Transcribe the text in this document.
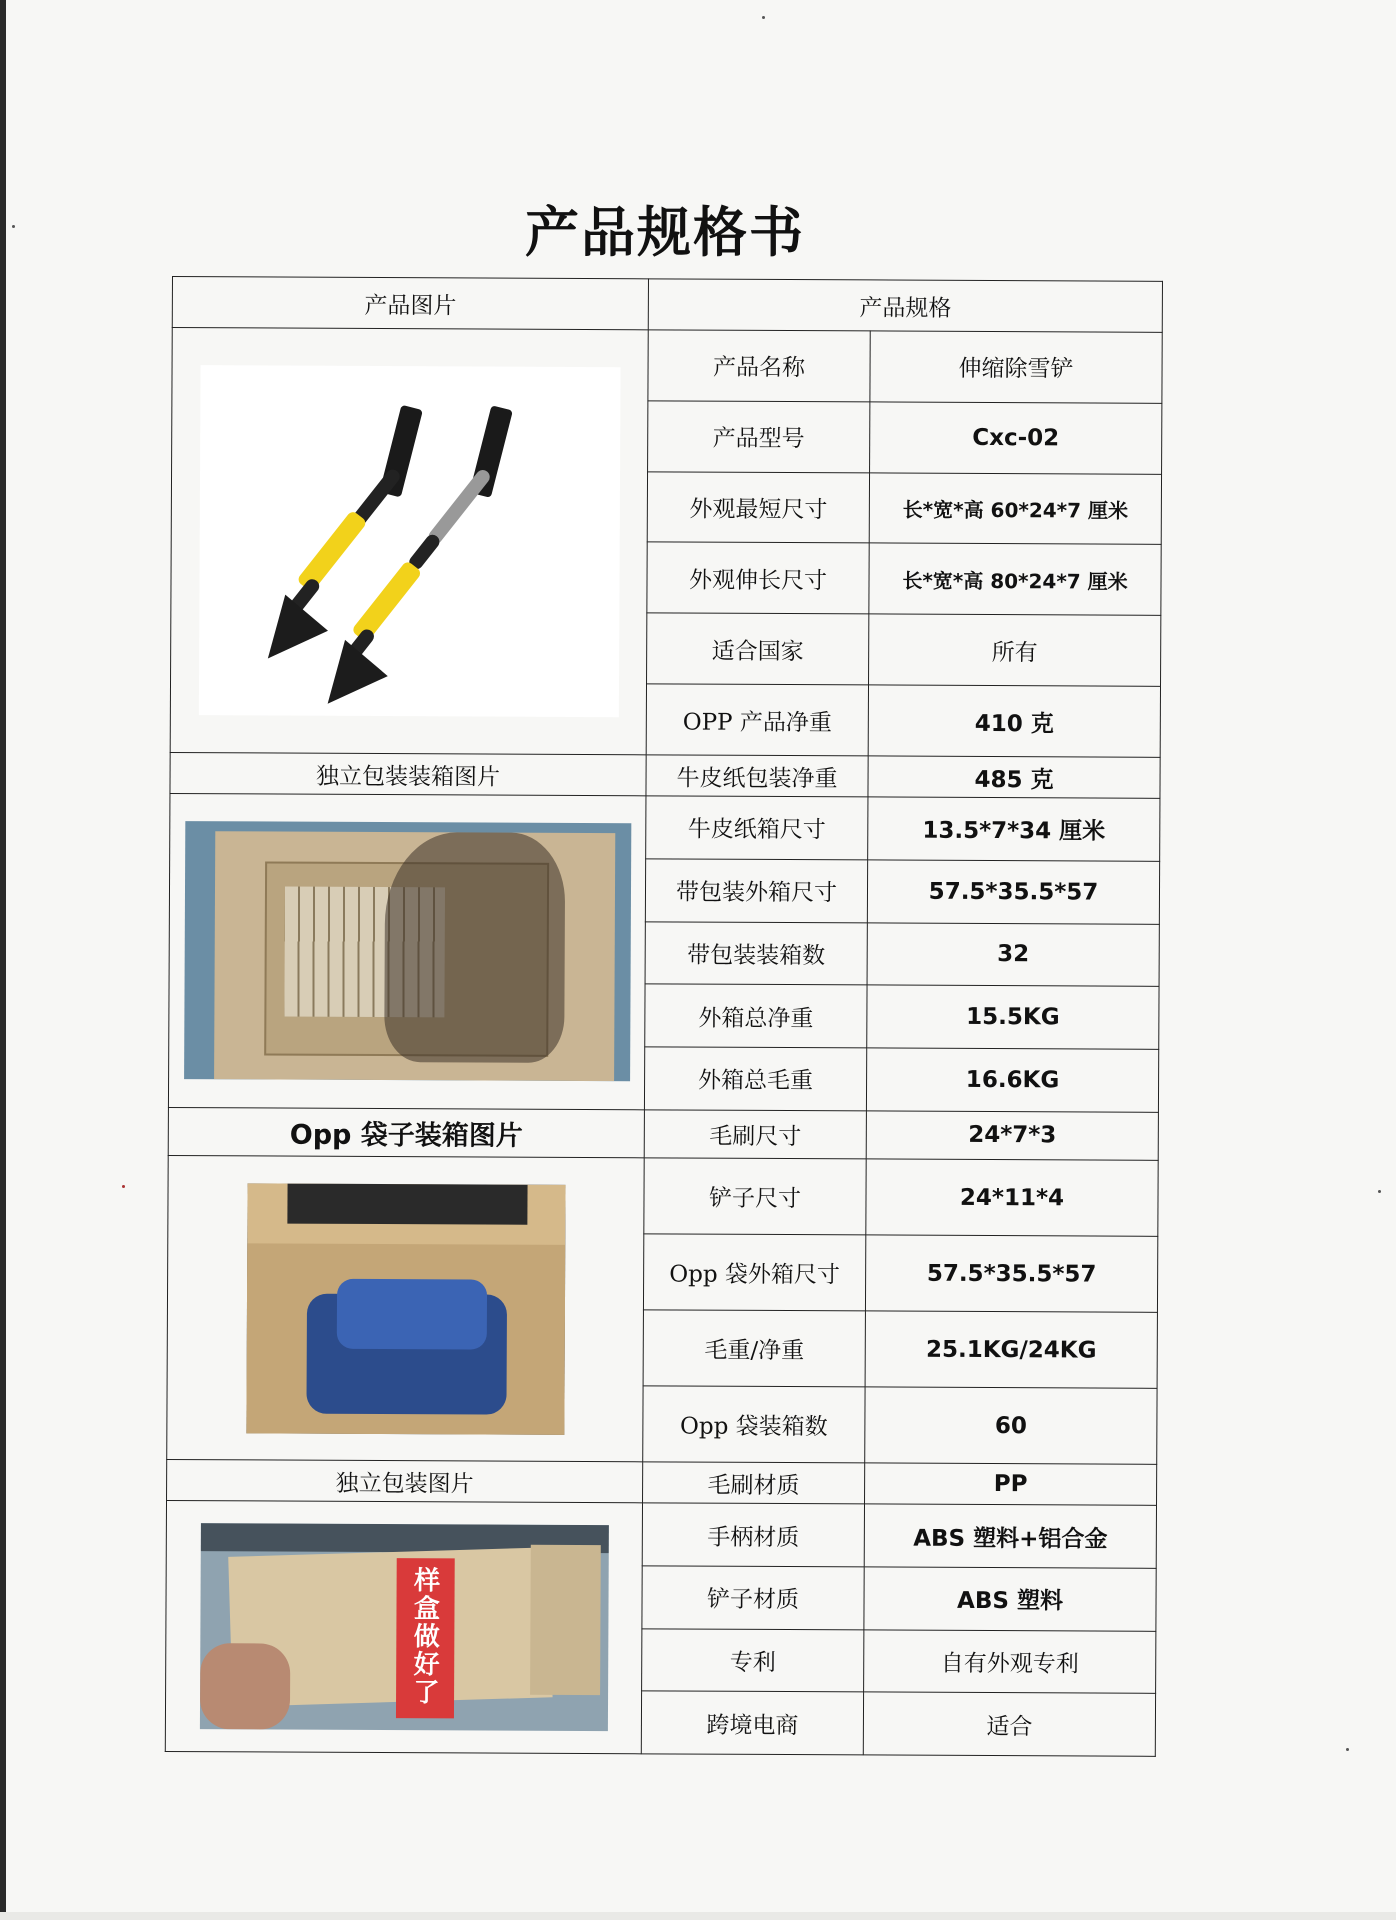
产品规格书
产品图片	产品规格	

	产品名称	伸缩除雪铲
	产品型号	Cxc-02
	外观最短尺寸	长*宽*高 60*24*7 厘米
	外观伸长尺寸	长*宽*高 80*24*7 厘米
	适合国家	所有
	OPP 产品净重	410 克
独立包装装箱图片	牛皮纸包装净重	485 克

	牛皮纸箱尺寸	13.5*7*34 厘米
	带包装外箱尺寸	57.5*35.5*57
	带包装装箱数	32
	外箱总净重	15.5KG
	外箱总毛重	16.6KG
Opp 袋子装箱图片	毛刷尺寸	24*7*3

	铲子尺寸	24*11*4
	Opp 袋外箱尺寸	57.5*35.5*57
	毛重/净重	25.1KG/24KG
	Opp 袋装箱数	60
独立包装图片	毛刷材质	PP

样盒做好了	手柄材质	ABS 塑料+铝合金
	铲子材质	ABS 塑料
	专利	自有外观专利
	跨境电商	适合
